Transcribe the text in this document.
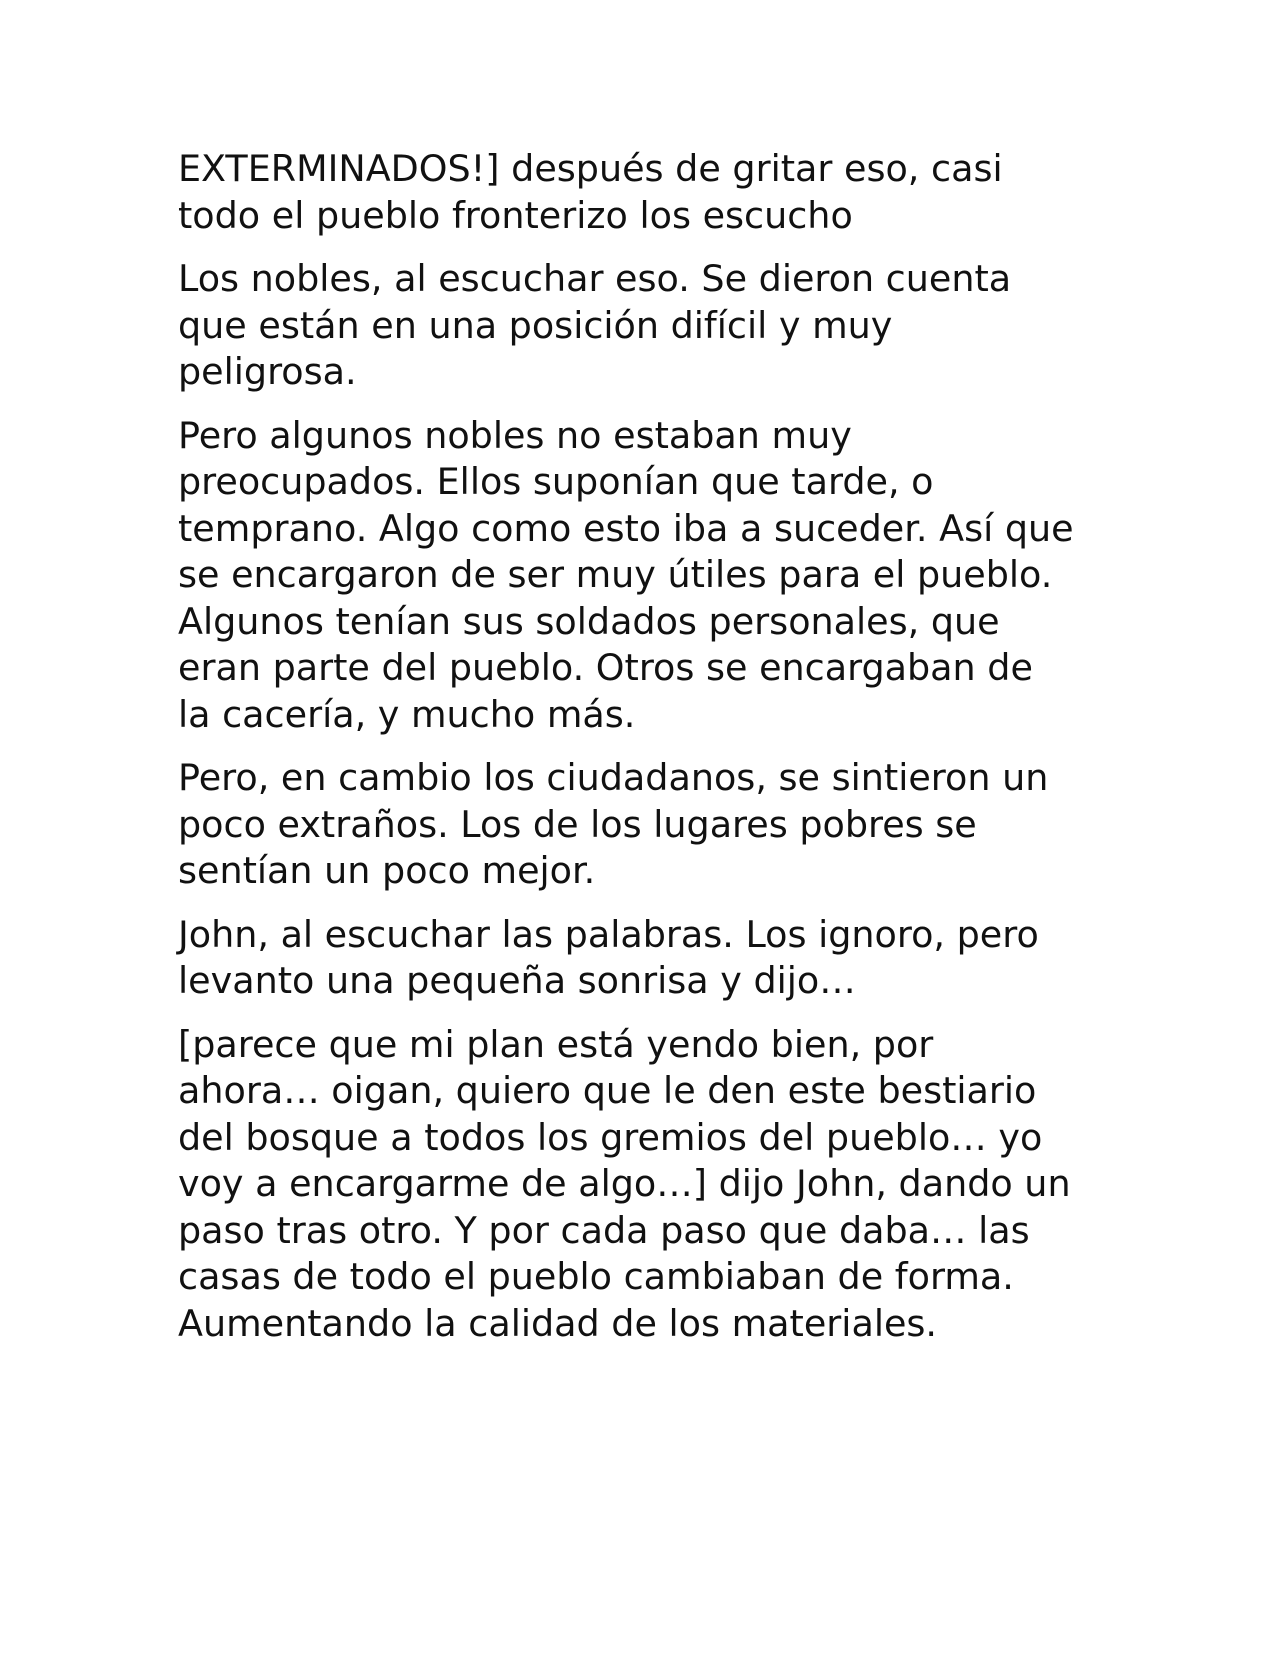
EXTERMINADOS!] después de gritar eso, casi
todo el pueblo fronterizo los escucho

Los nobles, al escuchar eso. Se dieron cuenta
que están en una posición difícil y muy
peligrosa.

Pero algunos nobles no estaban muy
preocupados. Ellos suponían que tarde, o
temprano. Algo como esto iba a suceder. Así que
se encargaron de ser muy útiles para el pueblo.
Algunos tenían sus soldados personales, que
eran parte del pueblo. Otros se encargaban de
la cacería, y mucho más.

Pero, en cambio los ciudadanos, se sintieron un
poco extraños. Los de los lugares pobres se
sentían un poco mejor.

John, al escuchar las palabras. Los ignoro, pero
levanto una pequeña sonrisa y dijo…

[parece que mi plan está yendo bien, por
ahora… oigan, quiero que le den este bestiario
del bosque a todos los gremios del pueblo… yo
voy a encargarme de algo…] dijo John, dando un
paso tras otro. Y por cada paso que daba… las
casas de todo el pueblo cambiaban de forma.
Aumentando la calidad de los materiales.
